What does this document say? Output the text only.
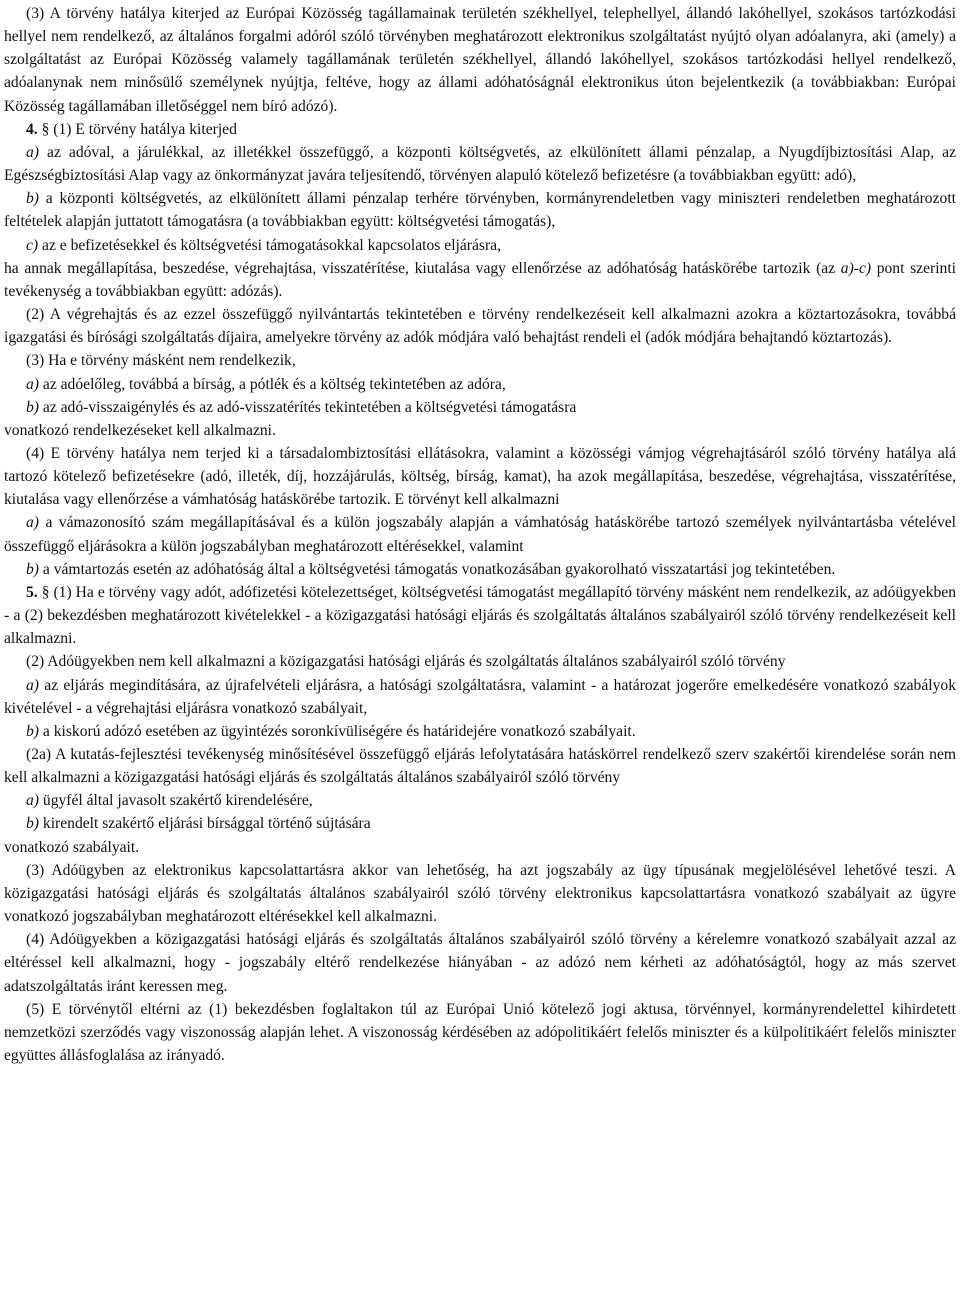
(3) A törvény hatálya kiterjed az Európai Közösség tagállamainak területén székhellyel, telephellyel, állandó lakóhellyel, szokásos tartózkodási hellyel nem rendelkező, az általános forgalmi adóról szóló törvényben meghatározott elektronikus szolgáltatást nyújtó olyan adóalanyra, aki (amely) a szolgáltatást az Európai Közösség valamely tagállamának területén székhellyel, állandó lakóhellyel, szokásos tartózkodási hellyel rendelkező, adóalanynak nem minősülő személynek nyújtja, feltéve, hogy az állami adóhatóságnál elektronikus úton bejelentkezik (a továbbiakban: Európai Közösség tagállamában illetőséggel nem bíró adózó).

4. § (1) E törvény hatálya kiterjed

a) az adóval, a járulékkal, az illetékkel összefüggő, a központi költségvetés, az elkülönített állami pénzalap, a Nyugdíjbiztosítási Alap, az Egészségbiztosítási Alap vagy az önkormányzat javára teljesítendő, törvényen alapuló kötelező befizetésre (a továbbiakban együtt: adó),

b) a központi költségvetés, az elkülönített állami pénzalap terhére törvényben, kormányrendeletben vagy miniszteri rendeletben meghatározott feltételek alapján juttatott támogatásra (a továbbiakban együtt: költségvetési támogatás),

c) az e befizetésekkel és költségvetési támogatásokkal kapcsolatos eljárásra,

ha annak megállapítása, beszedése, végrehajtása, visszatérítése, kiutalása vagy ellenőrzése az adóhatóság hatáskörébe tartozik (az a)-c) pont szerinti tevékenység a továbbiakban együtt: adózás).

(2) A végrehajtás és az ezzel összefüggő nyilvántartás tekintetében e törvény rendelkezéseit kell alkalmazni azokra a köztartozásokra, továbbá igazgatási és bírósági szolgáltatás díjaira, amelyekre törvény az adók módjára való behajtást rendeli el (adók módjára behajtandó köztartozás).

(3) Ha e törvény másként nem rendelkezik,

a) az adóelőleg, továbbá a bírság, a pótlék és a költség tekintetében az adóra,

b) az adó-visszaigénylés és az adó-visszatérítés tekintetében a költségvetési támogatásra

vonatkozó rendelkezéseket kell alkalmazni.

(4) E törvény hatálya nem terjed ki a társadalombiztosítási ellátásokra, valamint a közösségi vámjog végrehajtásáról szóló törvény hatálya alá tartozó kötelező befizetésekre (adó, illeték, díj, hozzájárulás, költség, bírság, kamat), ha azok megállapítása, beszedése, végrehajtása, visszatérítése, kiutalása vagy ellenőrzése a vámhatóság hatáskörébe tartozik. E törvényt kell alkalmazni

a) a vámazonosító szám megállapításával és a külön jogszabály alapján a vámhatóság hatáskörébe tartozó személyek nyilvántartásba vételével összefüggő eljárásokra a külön jogszabályban meghatározott eltérésekkel, valamint

b) a vámtartozás esetén az adóhatóság által a költségvetési támogatás vonatkozásában gyakorolható visszatartási jog tekintetében.

5. § (1) Ha e törvény vagy adót, adófizetési kötelezettséget, költségvetési támogatást megállapító törvény másként nem rendelkezik, az adóügyekben - a (2) bekezdésben meghatározott kivételekkel - a közigazgatási hatósági eljárás és szolgáltatás általános szabályairól szóló törvény rendelkezéseit kell alkalmazni.

(2) Adóügyekben nem kell alkalmazni a közigazgatási hatósági eljárás és szolgáltatás általános szabályairól szóló törvény

a) az eljárás megindítására, az újrafelvételi eljárásra, a hatósági szolgáltatásra, valamint - a határozat jogerőre emelkedésére vonatkozó szabályok kivételével - a végrehajtási eljárásra vonatkozó szabályait,

b) a kiskorú adózó esetében az ügyintézés soronkívüliségére és határidejére vonatkozó szabályait.

(2a) A kutatás-fejlesztési tevékenység minősítésével összefüggő eljárás lefolytatására hatáskörrel rendelkező szerv szakértői kirendelése során nem kell alkalmazni a közigazgatási hatósági eljárás és szolgáltatás általános szabályairól szóló törvény

a) ügyfél által javasolt szakértő kirendelésére,

b) kirendelt szakértő eljárási bírsággal történő sújtására

vonatkozó szabályait.

(3) Adóügyben az elektronikus kapcsolattartásra akkor van lehetőség, ha azt jogszabály az ügy típusának megjelölésével lehetővé teszi. A közigazgatási hatósági eljárás és szolgáltatás általános szabályairól szóló törvény elektronikus kapcsolattartásra vonatkozó szabályait az ügyre vonatkozó jogszabályban meghatározott eltérésekkel kell alkalmazni.

(4) Adóügyekben a közigazgatási hatósági eljárás és szolgáltatás általános szabályairól szóló törvény a kérelemre vonatkozó szabályait azzal az eltéréssel kell alkalmazni, hogy - jogszabály eltérő rendelkezése hiányában - az adózó nem kérheti az adóhatóságtól, hogy az más szervet adatszolgáltatás iránt keressen meg.

(5) E törvénytől eltérni az (1) bekezdésben foglaltakon túl az Európai Unió kötelező jogi aktusa, törvénnyel, kormányrendelettel kihirdetett nemzetközi szerződés vagy viszonosság alapján lehet. A viszonosság kérdésében az adópolitikáért felelős miniszter és a külpolitikáért felelős miniszter együttes állásfoglalása az irányadó.
